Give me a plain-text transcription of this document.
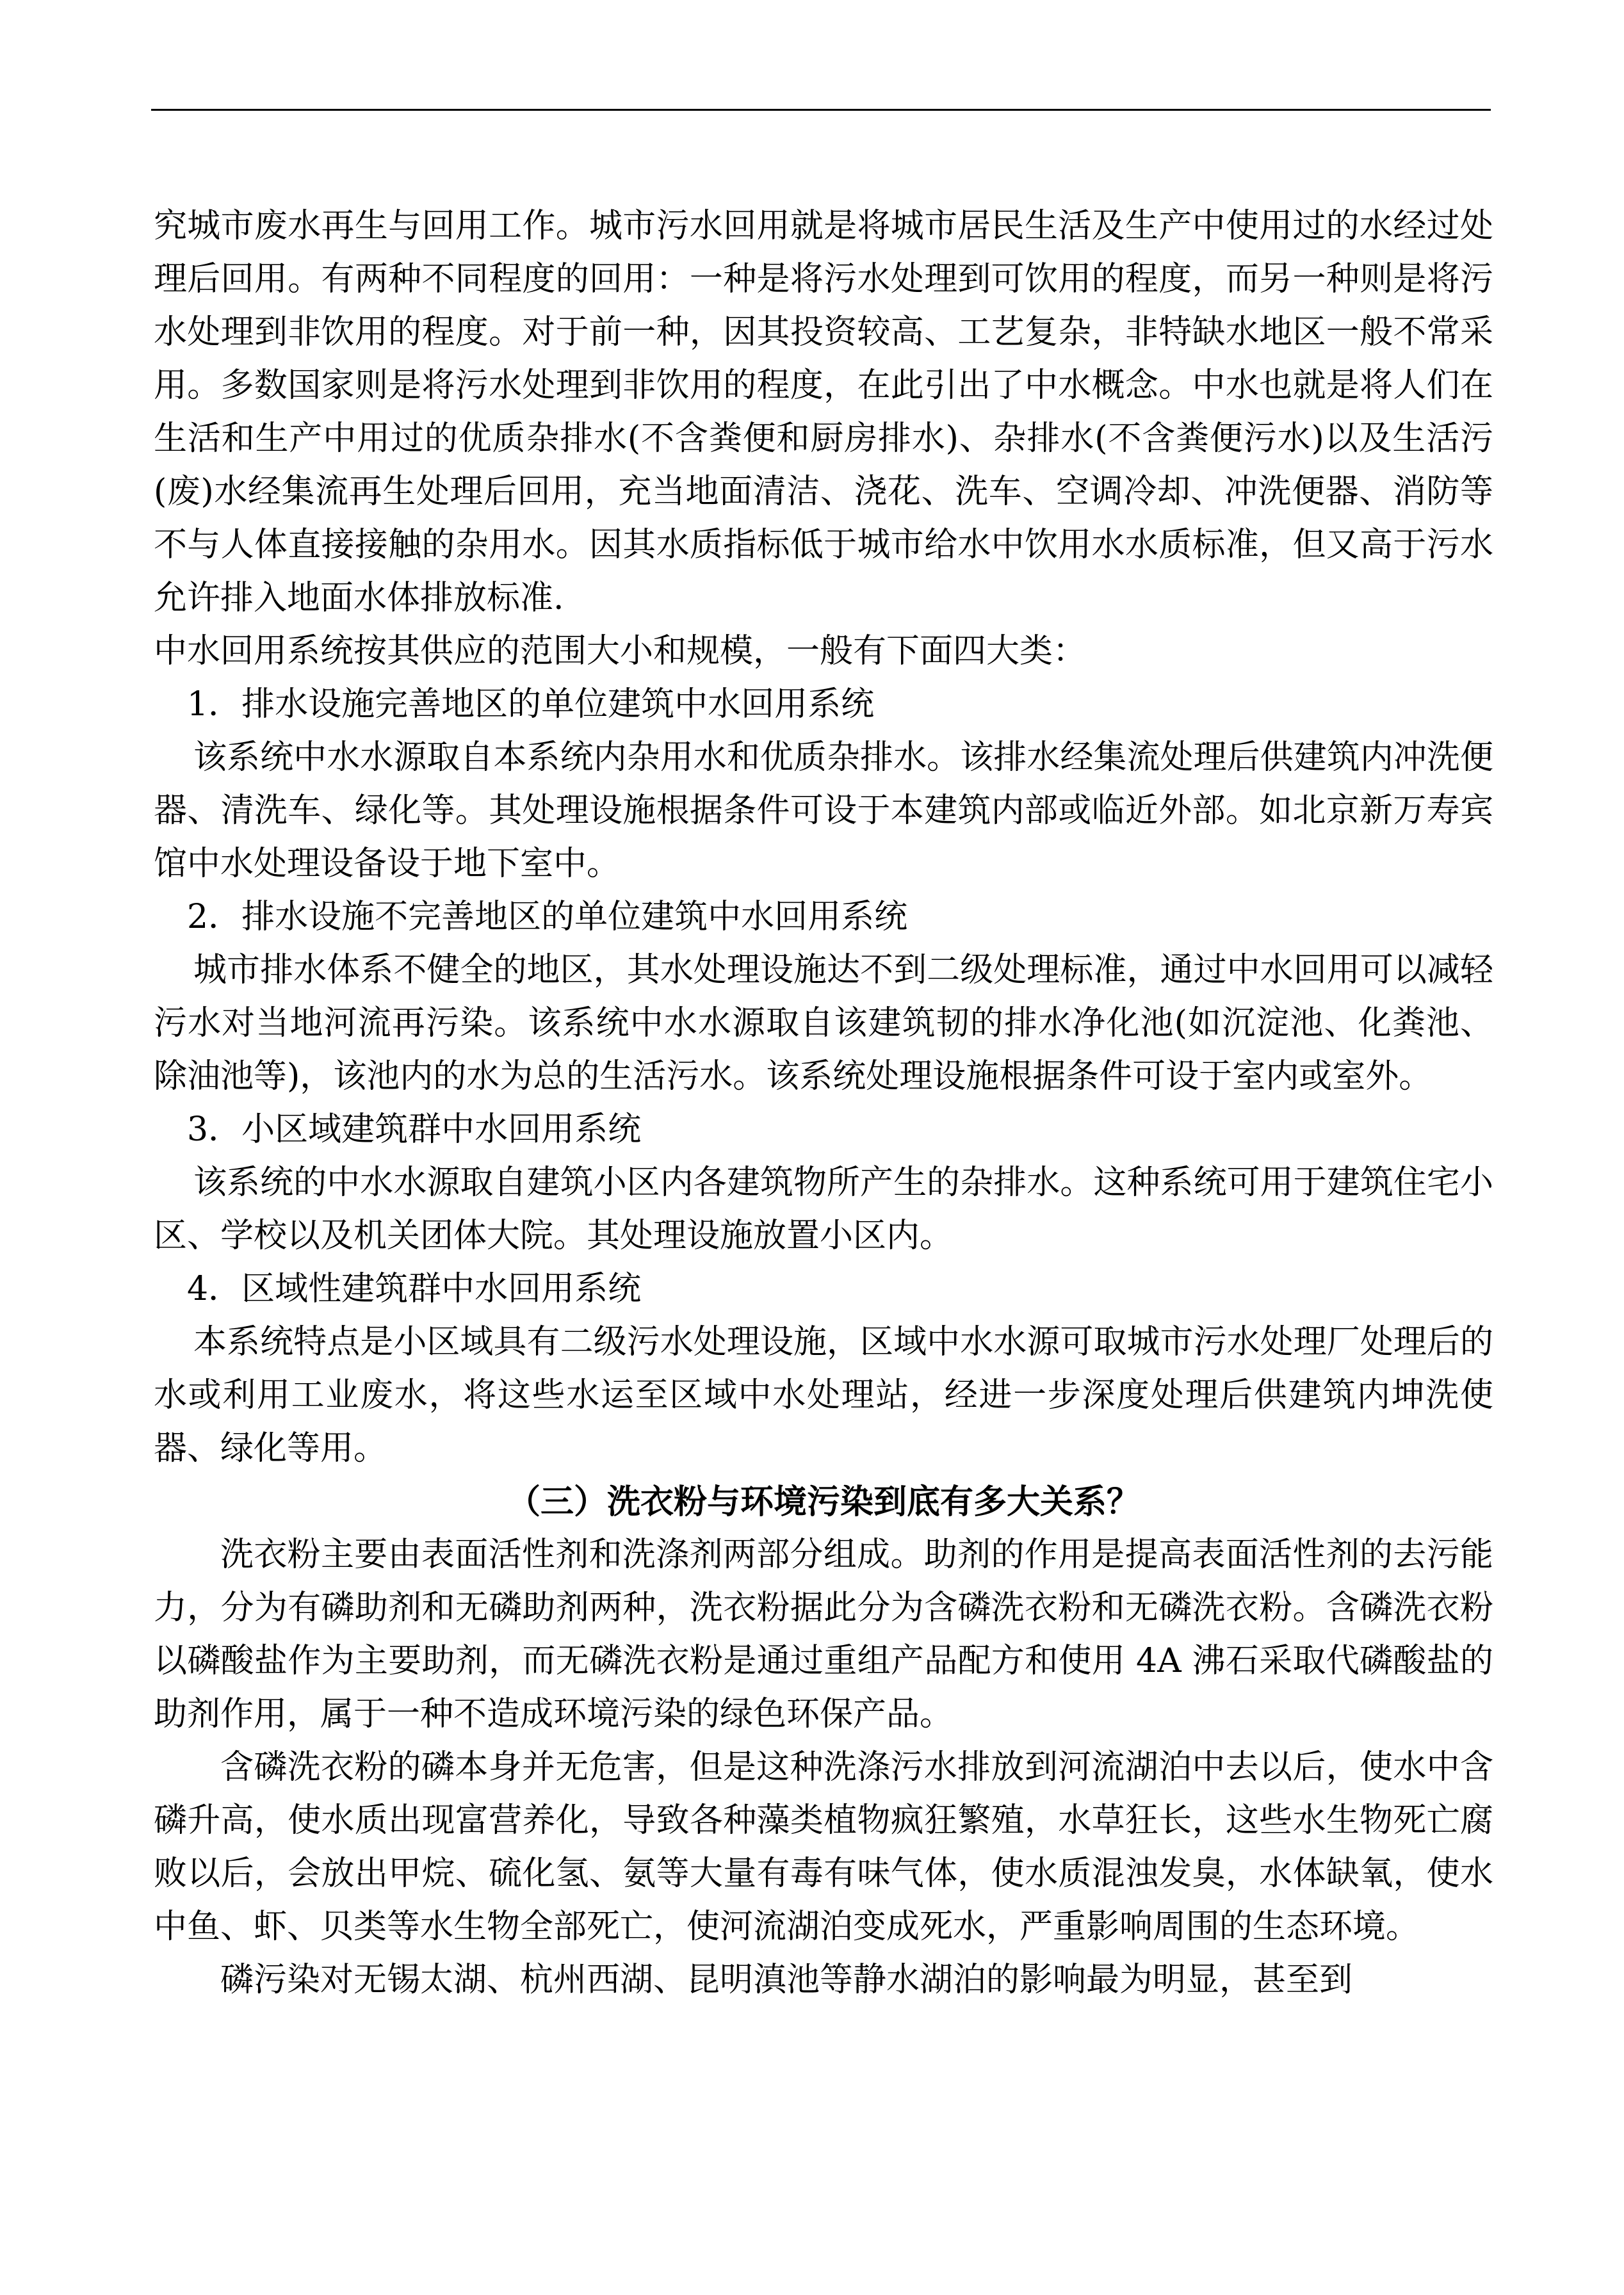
究城市废水再生与回用工作。城市污水回用就是将城市居民生活及生产中使用过的水经过处理后回用。有两种不同程度的回用：一种是将污水处理到可饮用的程度，而另一种则是将污水处理到非饮用的程度。对于前一种，因其投资较高、工艺复杂，非特缺水地区一般不常采用。多数国家则是将污水处理到非饮用的程度，在此引出了中水概念。中水也就是将人们在生活和生产中用过的优质杂排水(不含粪便和厨房排水)、杂排水(不含粪便污水)以及生活污(废)水经集流再生处理后回用，充当地面清洁、浇花、洗车、空调冷却、冲洗便器、消防等不与人体直接接触的杂用水。因其水质指标低于城市给水中饮用水水质标准，但又高于污水允许排入地面水体排放标准.

中水回用系统按其供应的范围大小和规模，一般有下面四大类：

1．排水设施完善地区的单位建筑中水回用系统

该系统中水水源取自本系统内杂用水和优质杂排水。该排水经集流处理后供建筑内冲洗便器、清洗车、绿化等。其处理设施根据条件可设于本建筑内部或临近外部。如北京新万寿宾馆中水处理设备设于地下室中。

2．排水设施不完善地区的单位建筑中水回用系统

城市排水体系不健全的地区，其水处理设施达不到二级处理标准，通过中水回用可以减轻污水对当地河流再污染。该系统中水水源取自该建筑韧的排水净化池(如沉淀池、化粪池、除油池等)，该池内的水为总的生活污水。该系统处理设施根据条件可设于室内或室外。

3．小区域建筑群中水回用系统

该系统的中水水源取自建筑小区内各建筑物所产生的杂排水。这种系统可用于建筑住宅小区、学校以及机关团体大院。其处理设施放置小区内。

4．区域性建筑群中水回用系统

本系统特点是小区域具有二级污水处理设施，区域中水水源可取城市污水处理厂处理后的水或利用工业废水，将这些水运至区域中水处理站，经进一步深度处理后供建筑内坤洗使器、绿化等用。

（三）洗衣粉与环境污染到底有多大关系？

洗衣粉主要由表面活性剂和洗涤剂两部分组成。助剂的作用是提高表面活性剂的去污能力，分为有磷助剂和无磷助剂两种，洗衣粉据此分为含磷洗衣粉和无磷洗衣粉。含磷洗衣粉以磷酸盐作为主要助剂，而无磷洗衣粉是通过重组产品配方和使用 4A 沸石采取代磷酸盐的助剂作用，属于一种不造成环境污染的绿色环保产品。

含磷洗衣粉的磷本身并无危害，但是这种洗涤污水排放到河流湖泊中去以后，使水中含磷升高，使水质出现富营养化，导致各种藻类植物疯狂繁殖，水草狂长，这些水生物死亡腐败以后，会放出甲烷、硫化氢、氨等大量有毒有味气体，使水质混浊发臭，水体缺氧，使水中鱼、虾、贝类等水生物全部死亡，使河流湖泊变成死水，严重影响周围的生态环境。

磷污染对无锡太湖、杭州西湖、昆明滇池等静水湖泊的影响最为明显，甚至到
